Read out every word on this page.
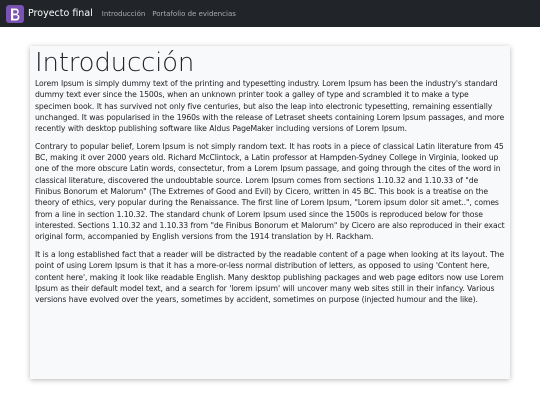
Proyecto final Introducción Portafolio de evidencias
Introducción

Lorem Ipsum is simply dummy text of the printing and typesetting industry. Lorem Ipsum has been the industry's standard dummy text ever since the 1500s, when an unknown printer took a galley of type and scrambled it to make a type specimen book. It has survived not only five centuries, but also the leap into electronic typesetting, remaining essentially unchanged. It was popularised in the 1960s with the release of Letraset sheets containing Lorem Ipsum passages, and more recently with desktop publishing software like Aldus PageMaker including versions of Lorem Ipsum.

Contrary to popular belief, Lorem Ipsum is not simply random text. It has roots in a piece of classical Latin literature from 45 BC, making it over 2000 years old. Richard McClintock, a Latin professor at Hampden-Sydney College in Virginia, looked up one of the more obscure Latin words, consectetur, from a Lorem Ipsum passage, and going through the cites of the word in classical literature, discovered the undoubtable source. Lorem Ipsum comes from sections 1.10.32 and 1.10.33 of "de Finibus Bonorum et Malorum" (The Extremes of Good and Evil) by Cicero, written in 45 BC. This book is a treatise on the theory of ethics, very popular during the Renaissance. The first line of Lorem Ipsum, "Lorem ipsum dolor sit amet..", comes from a line in section 1.10.32. The standard chunk of Lorem Ipsum used since the 1500s is reproduced below for those interested. Sections 1.10.32 and 1.10.33 from "de Finibus Bonorum et Malorum" by Cicero are also reproduced in their exact original form, accompanied by English versions from the 1914 translation by H. Rackham.

It is a long established fact that a reader will be distracted by the readable content of a page when looking at its layout. The point of using Lorem Ipsum is that it has a more-or-less normal distribution of letters, as opposed to using 'Content here, content here', making it look like readable English. Many desktop publishing packages and web page editors now use Lorem Ipsum as their default model text, and a search for 'lorem ipsum' will uncover many web sites still in their infancy. Various versions have evolved over the years, sometimes by accident, sometimes on purpose (injected humour and the like).
